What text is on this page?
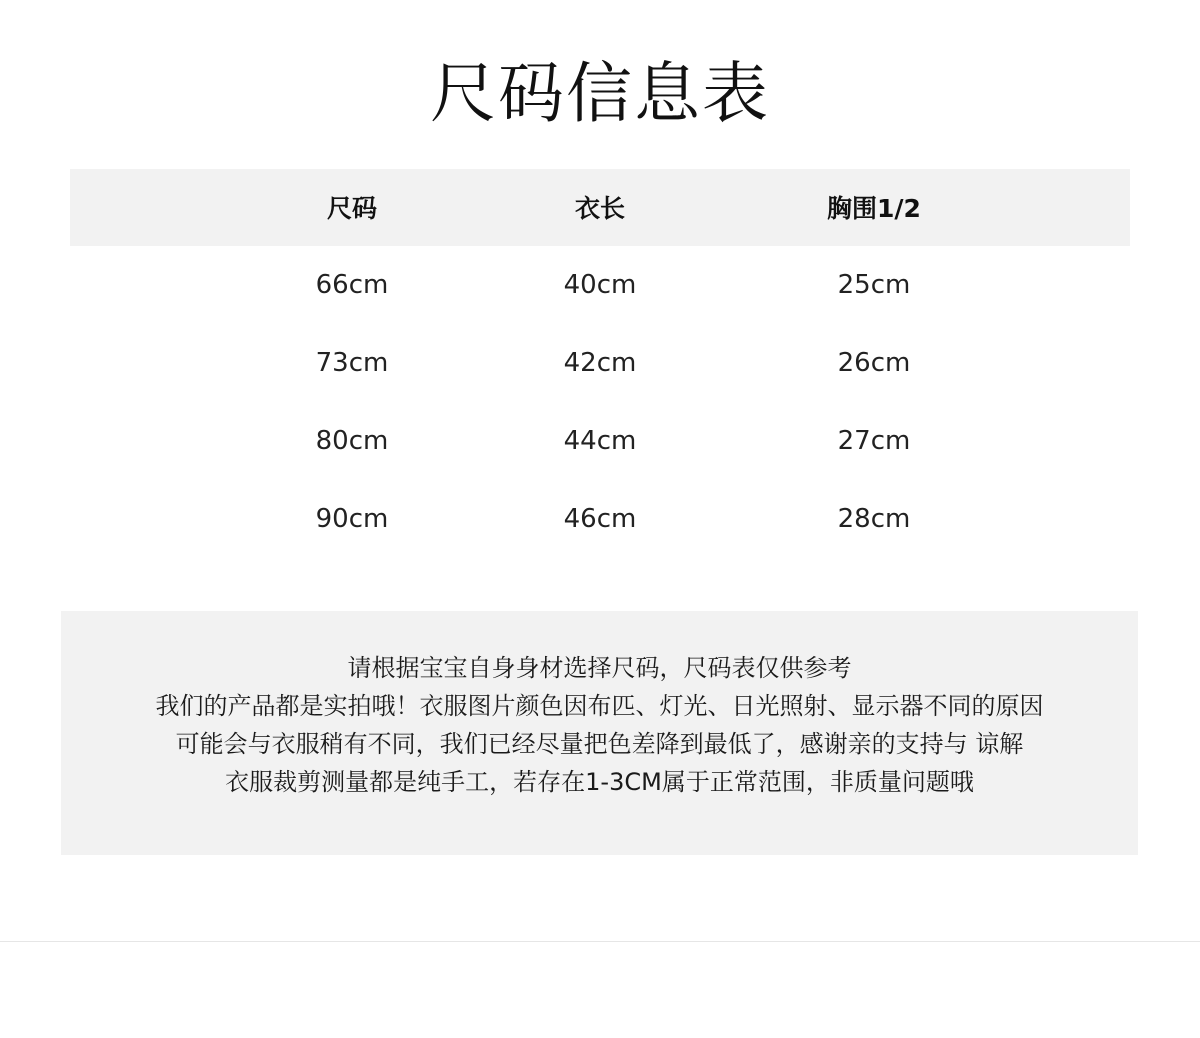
尺码信息表
尺码	衣长	胸围1/2
66cm	40cm	25cm
73cm	42cm	26cm
80cm	44cm	27cm
90cm	46cm	28cm
请根据宝宝自身身材选择尺码，尺码表仅供参考
我们的产品都是实拍哦！衣服图片颜色因布匹、灯光、日光照射、显示器不同的原因
可能会与衣服稍有不同，我们已经尽量把色差降到最低了，感谢亲的支持与 谅解
衣服裁剪测量都是纯手工，若存在1-3CM属于正常范围，非质量问题哦
